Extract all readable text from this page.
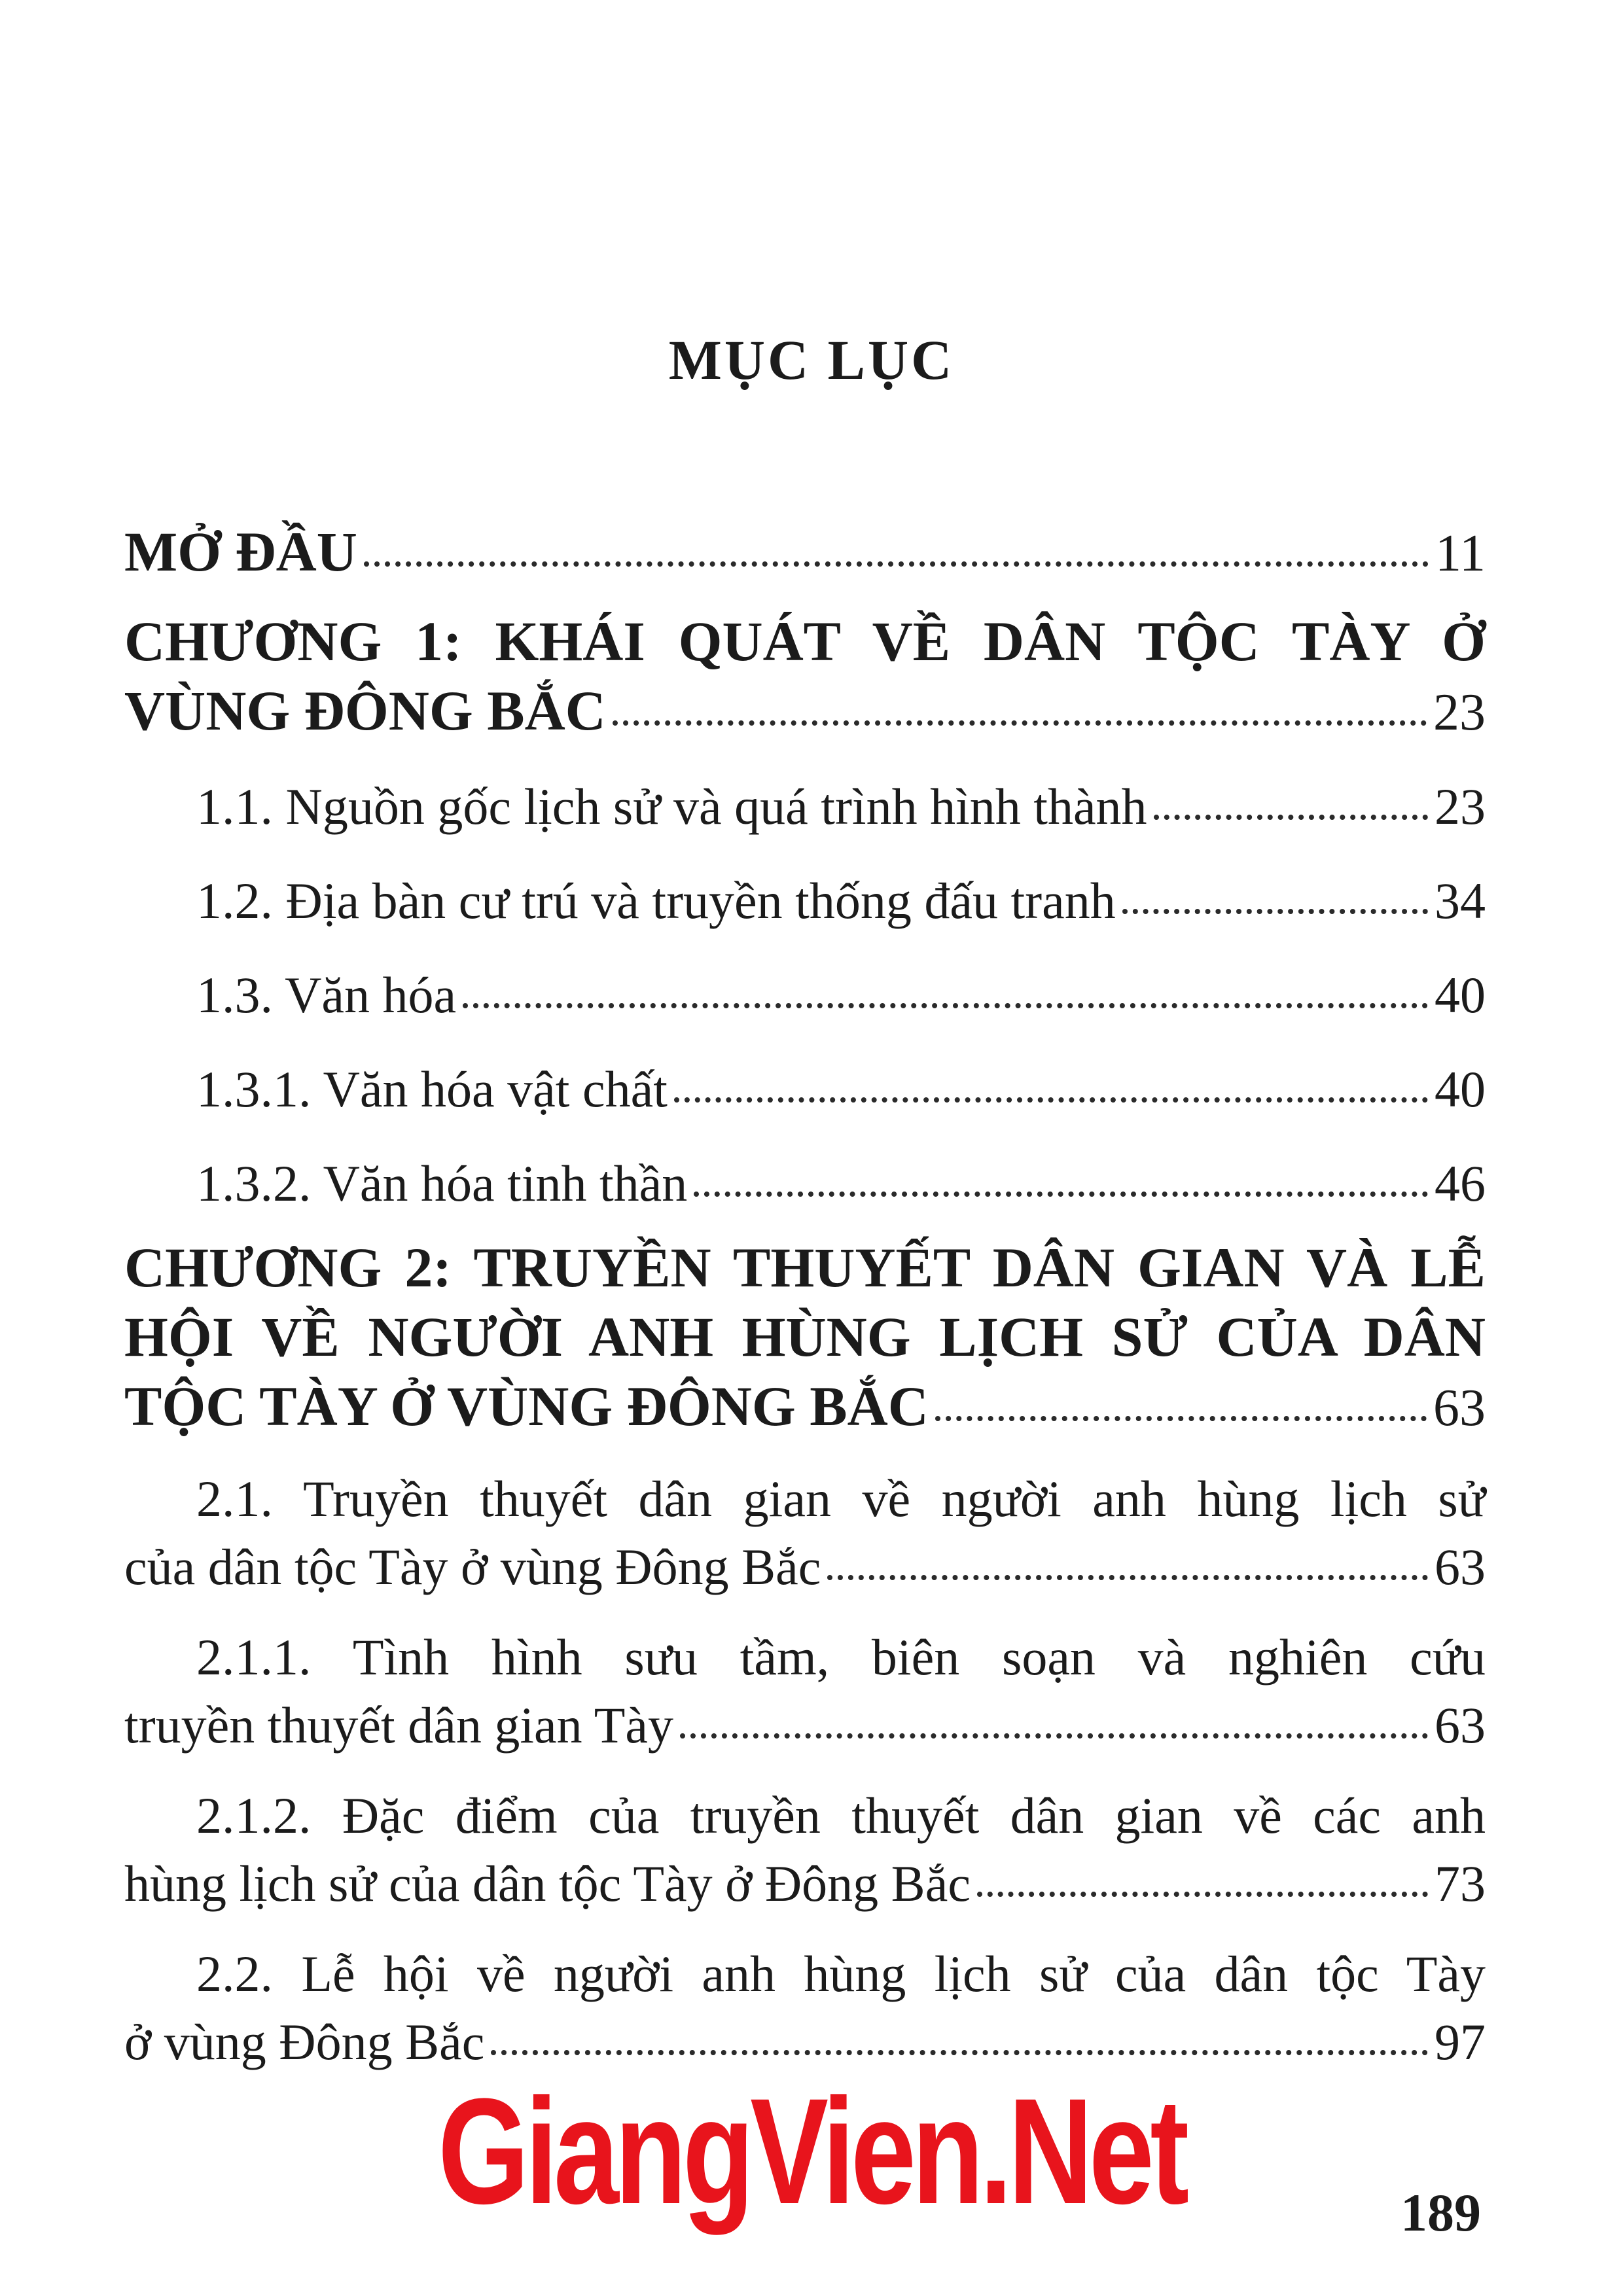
MỤC LỤC
MỞ ĐẦU	11
CHƯƠNG 1: KHÁI QUÁT VỀ DÂN TỘC TÀY Ở
VÙNG ĐÔNG BẮC	23
1.1. Nguồn gốc lịch sử và quá trình hình thành	23
1.2. Địa bàn cư trú và truyền thống đấu tranh	34
1.3. Văn hóa	40
1.3.1. Văn hóa vật chất	40
1.3.2. Văn hóa tinh thần	46
CHƯƠNG 2: TRUYỀN THUYẾT DÂN GIAN VÀ LỄ
HỘI VỀ NGƯỜI ANH HÙNG LỊCH SỬ CỦA DÂN
TỘC TÀY Ở VÙNG ĐÔNG BẮC	63
2.1. Truyền thuyết dân gian về người anh hùng lịch sử
của dân tộc Tày ở vùng Đông Bắc	63
2.1.1. Tình hình sưu tầm, biên soạn và nghiên cứu
truyền thuyết dân gian Tày	63
2.1.2. Đặc điểm của truyền thuyết dân gian về các anh
hùng lịch sử của dân tộc Tày ở Đông Bắc	73
2.2. Lễ hội về người anh hùng lịch sử của dân tộc Tày
ở vùng Đông Bắc	97
GiangVien.Net	189
